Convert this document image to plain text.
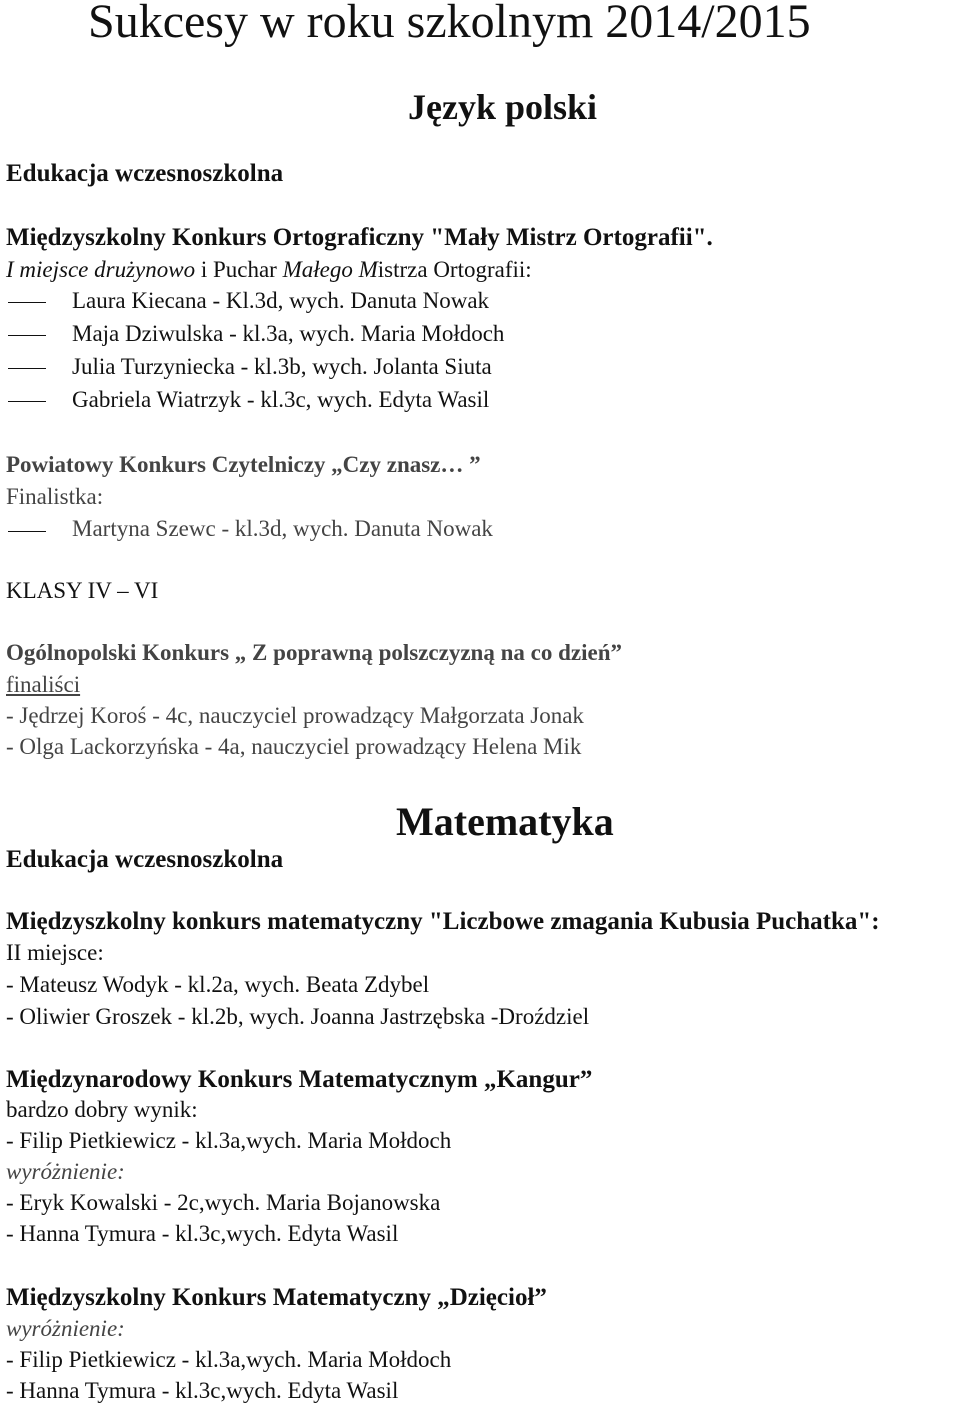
Sukcesy w roku szkolnym 2014/2015
Język polski
Edukacja wczesnoszkolna
Międzyszkolny Konkurs Ortograficzny "Mały Mistrz Ortografii".
I miejsce drużynowo i Puchar Małego Mistrza Ortografii:
Laura Kiecana - Kl.3d, wych. Danuta Nowak
Maja Dziwulska - kl.3a, wych. Maria Mołdoch
Julia Turzyniecka - kl.3b, wych. Jolanta Siuta
Gabriela Wiatrzyk - kl.3c, wych. Edyta Wasil
Powiatowy Konkurs Czytelniczy „Czy znasz… ”
Finalistka:
Martyna Szewc - kl.3d, wych. Danuta Nowak
KLASY IV – VI
Ogólnopolski Konkurs „ Z poprawną polszczyzną na co dzień”
finaliści
- Jędrzej Koroś - 4c, nauczyciel prowadzący Małgorzata Jonak
- Olga Lackorzyńska - 4a, nauczyciel prowadzący Helena Mik
Matematyka
Edukacja wczesnoszkolna
Międzyszkolny konkurs matematyczny "Liczbowe zmagania Kubusia Puchatka":
II miejsce:
- Mateusz Wodyk - kl.2a, wych. Beata Zdybel
- Oliwier Groszek - kl.2b, wych. Joanna Jastrzębska -Droździel
Międzynarodowy Konkurs Matematycznym „Kangur”
bardzo dobry wynik:
- Filip Pietkiewicz - kl.3a,wych. Maria Mołdoch
wyróżnienie:
- Eryk Kowalski - 2c,wych. Maria Bojanowska
- Hanna Tymura - kl.3c,wych. Edyta Wasil
Międzyszkolny Konkurs Matematyczny „Dzięcioł”
wyróżnienie:
- Filip Pietkiewicz - kl.3a,wych. Maria Mołdoch
- Hanna Tymura - kl.3c,wych. Edyta Wasil
